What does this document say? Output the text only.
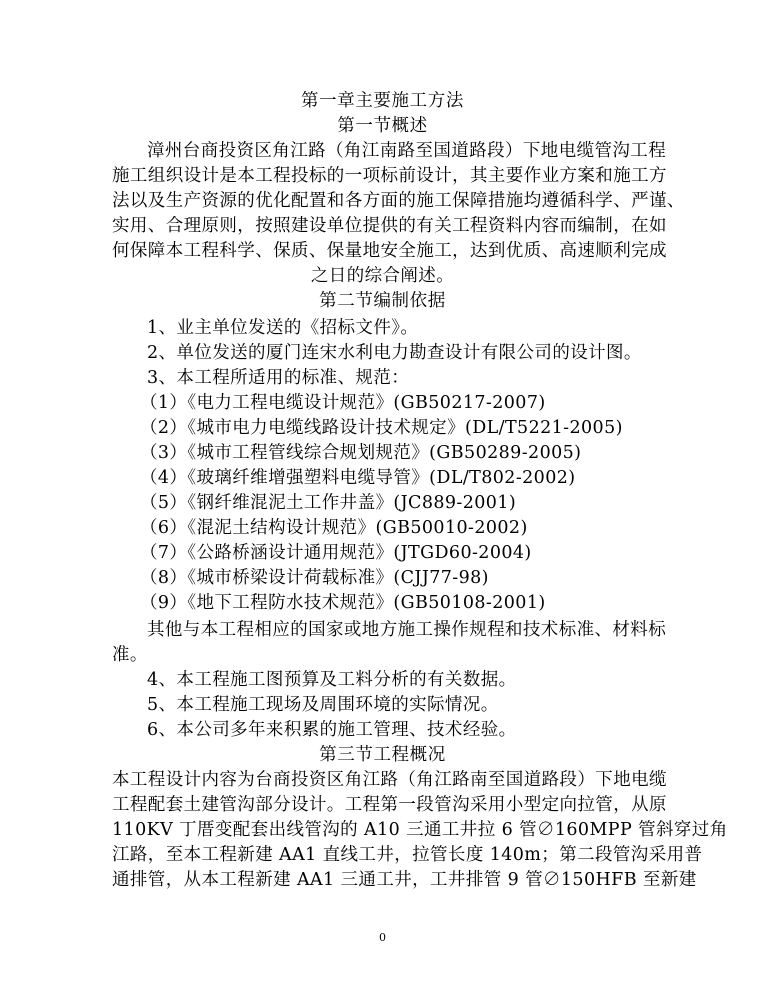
第一章主要施工方法

第一节概述

漳州台商投资区角江路（角江南路至国道路段）下地电缆管沟工程

施工组织设计是本工程投标的一项标前设计，其主要作业方案和施工方

法以及生产资源的优化配置和各方面的施工保障措施均遵循科学、严谨、

实用、合理原则，按照建设单位提供的有关工程资料内容而编制，在如

何保障本工程科学、保质、保量地安全施工，达到优质、高速顺利完成

之日的综合阐述。

第二节编制依据

1、业主单位发送的《招标文件》。

2、单位发送的厦门连宋水利电力勘查设计有限公司的设计图。

3、本工程所适用的标准、规范：

（1）《电力工程电缆设计规范》(GB50217-2007)

（2）《城市电力电缆线路设计技术规定》(DL/T5221-2005)

（3）《城市工程管线综合规划规范》(GB50289-2005)

（4）《玻璃纤维增强塑料电缆导管》(DL/T802-2002)

（5）《钢纤维混泥土工作井盖》(JC889-2001)

（6）《混泥土结构设计规范》(GB50010-2002)

（7）《公路桥涵设计通用规范》(JTGD60-2004)

（8）《城市桥梁设计荷载标准》(CJJ77-98)

（9）《地下工程防水技术规范》(GB50108-2001)

其他与本工程相应的国家或地方施工操作规程和技术标准、材料标

准。

4、本工程施工图预算及工料分析的有关数据。

5、本工程施工现场及周围环境的实际情况。

6、本公司多年来积累的施工管理、技术经验。

第三节工程概况

本工程设计内容为台商投资区角江路（角江路南至国道路段）下地电缆

工程配套土建管沟部分设计。工程第一段管沟采用小型定向拉管，从原

110KV 丁厝变配套出线管沟的 A10 三通工井拉 6 管∅160MPP 管斜穿过角

江路，至本工程新建 AA1 直线工井，拉管长度 140m；第二段管沟采用普

通排管，从本工程新建 AA1 三通工井，工井排管 9 管∅150HFB 至新建

0
